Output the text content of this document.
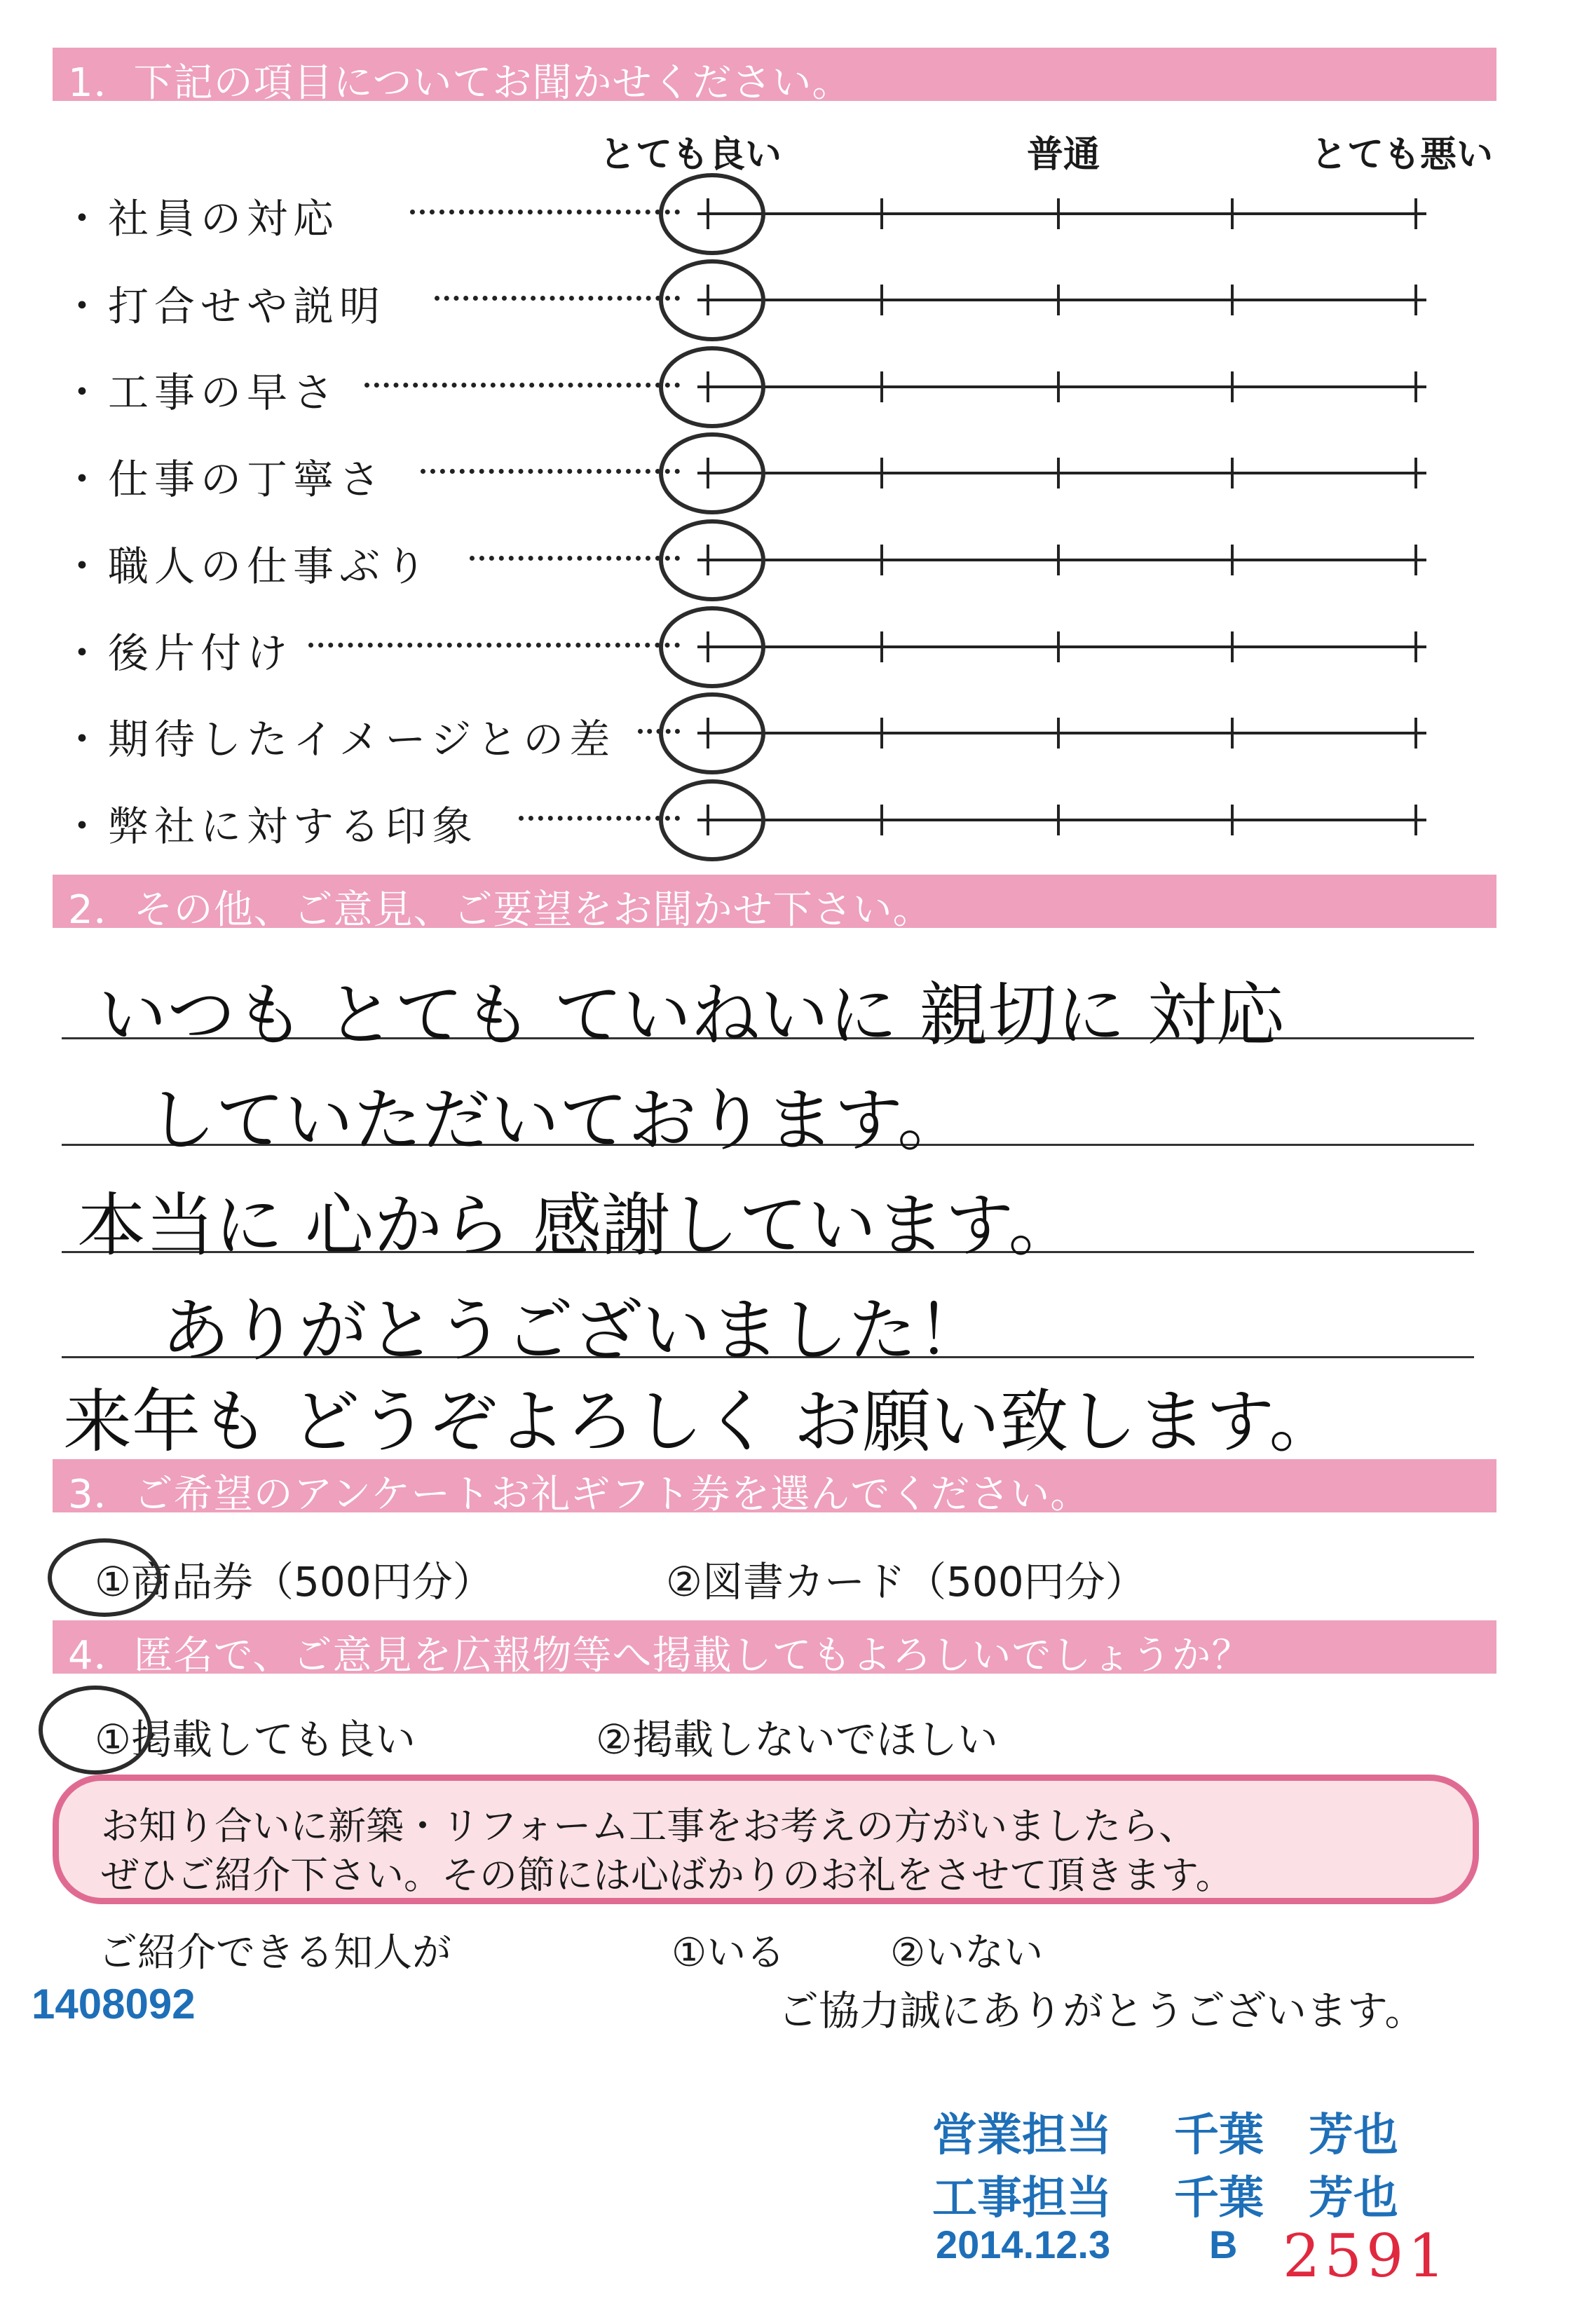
1．下記の項目についてお聞かせください。
とても良い	普通	とても悪い
・社員の対応
・打合せや説明
・工事の早さ
・仕事の丁寧さ
・職人の仕事ぶり
・後片付け
・期待したイメージとの差
・弊社に対する印象
2．その他、ご意見、ご要望をお聞かせ下さい。
いつも とても ていねいに 親切に 対応
していただいております。
本当に 心から 感謝しています。
ありがとうございました！
3．ご希望のアンケートお礼ギフト券を選んでください。
来年も どうぞよろしく お願い致します。
①商品券（500円分）	②図書カード（500円分）
4．匿名で、ご意見を広報物等へ掲載してもよろしいでしょうか？
①掲載しても良い	②掲載しないでほしい
お知り合いに新築・リフォーム工事をお考えの方がいましたら、
ぜひご紹介下さい。その節には心ばかりのお礼をさせて頂きます。
ご紹介できる知人が	①いる	②いない
1408092	ご協力誠にありがとうございます。
営業担当 千葉　芳也
工事担当 千葉　芳也
2014.12.3	B 2591
